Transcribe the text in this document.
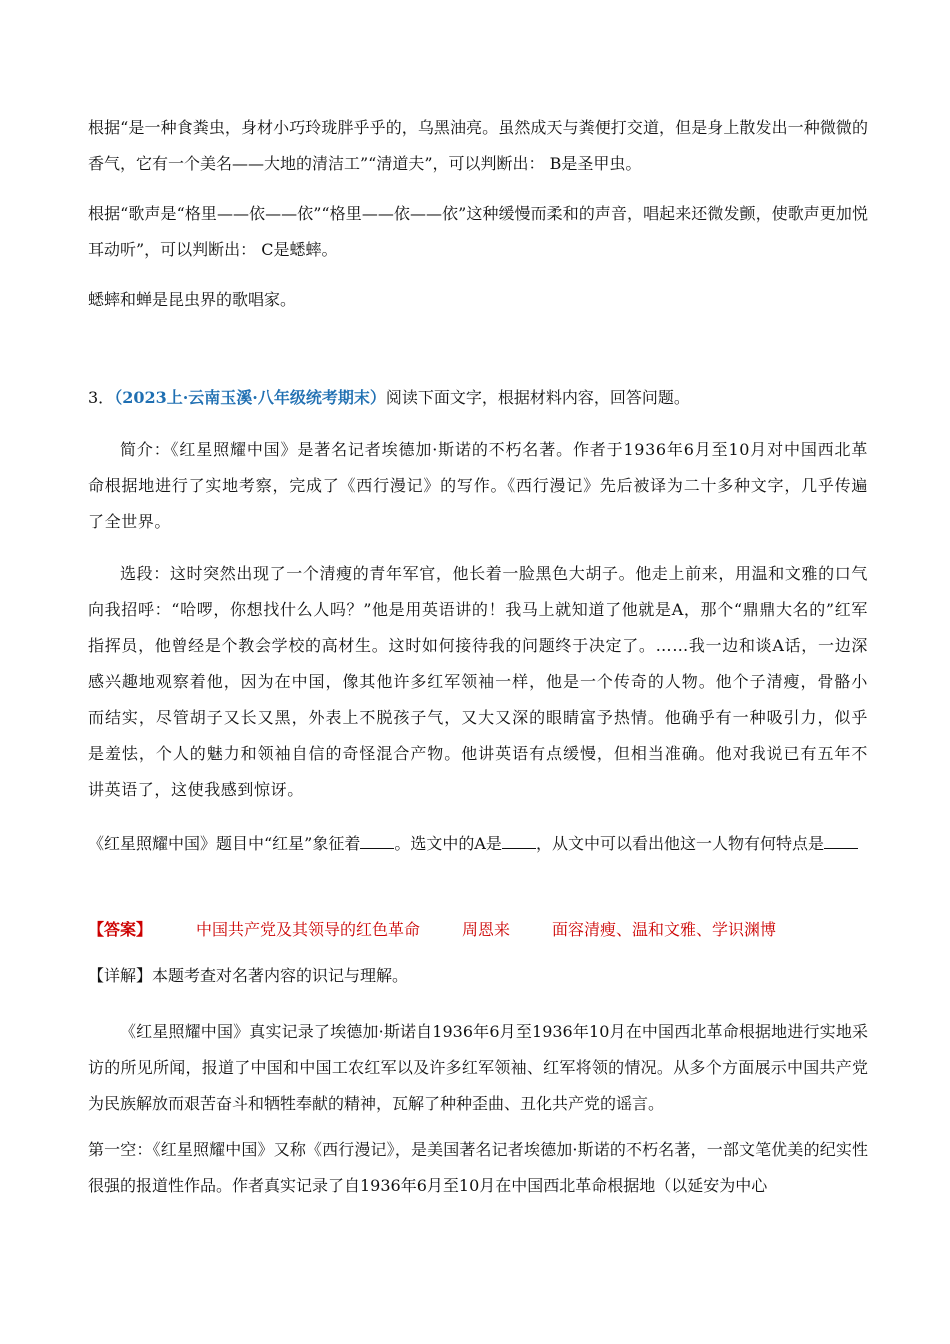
根据“是一种食粪虫，身材小巧玲珑胖乎乎的，乌黑油亮。虽然成天与粪便打交道，但是身上散发出一种微微的香气，它有一个美名——大地的清洁工”“清道夫”，可以判断出： B是圣甲虫。

根据“歌声是“格里——依——依”“格里——依——依”这种缓慢而柔和的声音，唱起来还微发颤，使歌声更加悦耳动听”，可以判断出： C是蟋蟀。

蟋蟀和蝉是昆虫界的歌唱家。

3．（2023上·云南玉溪·八年级统考期末）阅读下面文字，根据材料内容，回答问题。

简介：《红星照耀中国》是著名记者埃德加·斯诺的不朽名著。作者于1936年6月至10月对中国西北革命根据地进行了实地考察，完成了《西行漫记》的写作。《西行漫记》先后被译为二十多种文字，几乎传遍了全世界。

选段：这时突然出现了一个清瘦的青年军官，他长着一脸黑色大胡子。他走上前来，用温和文雅的口气向我招呼：“哈啰，你想找什么人吗？”他是用英语讲的！我马上就知道了他就是A，那个“鼎鼎大名的”红军指挥员，他曾经是个教会学校的高材生。这时如何接待我的问题终于决定了。……我一边和谈A话，一边深感兴趣地观察着他，因为在中国，像其他许多红军领袖一样，他是一个传奇的人物。他个子清瘦，骨骼小而结实，尽管胡子又长又黑，外表上不脱孩子气，又大又深的眼睛富予热情。他确乎有一种吸引力，似乎是羞怯，个人的魅力和领袖自信的奇怪混合产物。他讲英语有点缓慢，但相当准确。他对我说已有五年不讲英语了，这使我感到惊讶。

《红星照耀中国》题目中“红星”象征着 。选文中的A是 ，从文中可以看出他这一人物有何特点是

【答案】	中国共产党及其领导的红色革命	周恩来	面容清瘦、温和文雅、学识渊博

【详解】本题考查对名著内容的识记与理解。

《红星照耀中国》真实记录了埃德加·斯诺自1936年6月至1936年10月在中国西北革命根据地进行实地采访的所见所闻，报道了中国和中国工农红军以及许多红军领袖、红军将领的情况。从多个方面展示中国共产党为民族解放而艰苦奋斗和牺牲奉献的精神，瓦解了种种歪曲、丑化共产党的谣言。

第一空：《红星照耀中国》又称《西行漫记》，是美国著名记者埃德加·斯诺的不朽名著，一部文笔优美的纪实性很强的报道性作品。作者真实记录了自1936年6月至10月在中国西北革命根据地（以延安为中心
